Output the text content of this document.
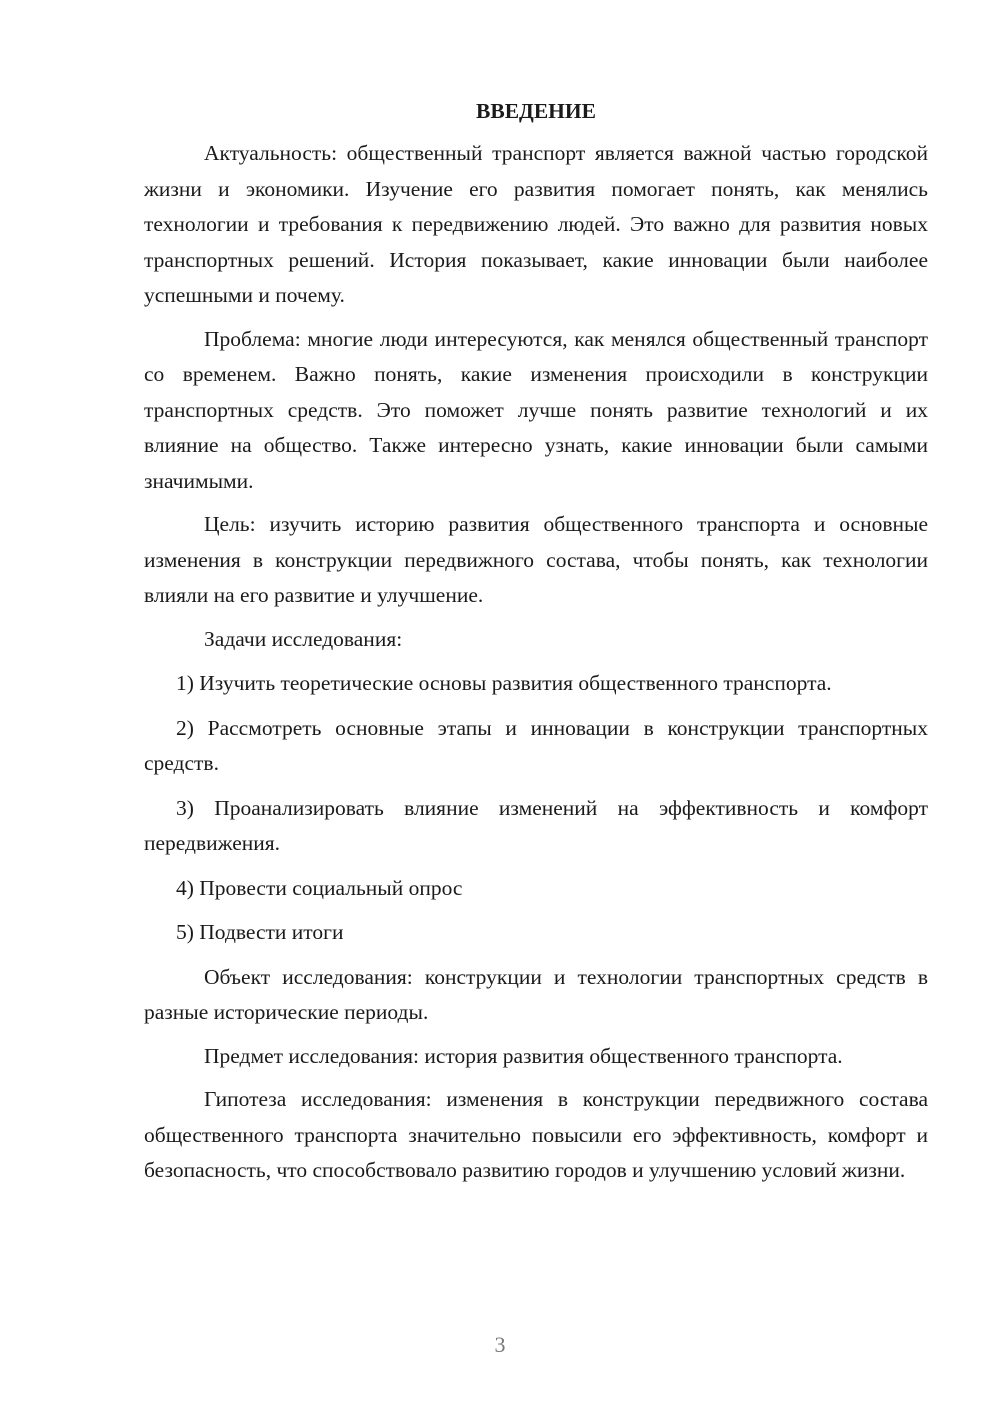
ВВЕДЕНИЕ

Актуальность: общественный транспорт является важной частью городской жизни и экономики. Изучение его развития помогает понять, как менялись технологии и требования к передвижению людей. Это важно для развития новых транспортных решений. История показывает, какие инновации были наиболее успешными и почему.

Проблема: многие люди интересуются, как менялся общественный транспорт со временем. Важно понять, какие изменения происходили в конструкции транспортных средств. Это поможет лучше понять развитие технологий и их влияние на общество. Также интересно узнать, какие инновации были самыми значимыми.

Цель: изучить историю развития общественного транспорта и основные изменения в конструкции передвижного состава, чтобы понять, как технологии влияли на его развитие и улучшение.

Задачи исследования:

1) Изучить теоретические основы развития общественного транспорта.

2) Рассмотреть основные этапы и инновации в конструкции транспортных средств.

3) Проанализировать влияние изменений на эффективность и комфорт передвижения.

4) Провести социальный опрос

5) Подвести итоги

Объект исследования: конструкции и технологии транспортных средств в разные исторические периоды.

Предмет исследования: история развития общественного транспорта.

Гипотеза исследования: изменения в конструкции передвижного состава общественного транспорта значительно повысили его эффективность, комфорт и безопасность, что способствовало развитию городов и улучшению условий жизни.

3
